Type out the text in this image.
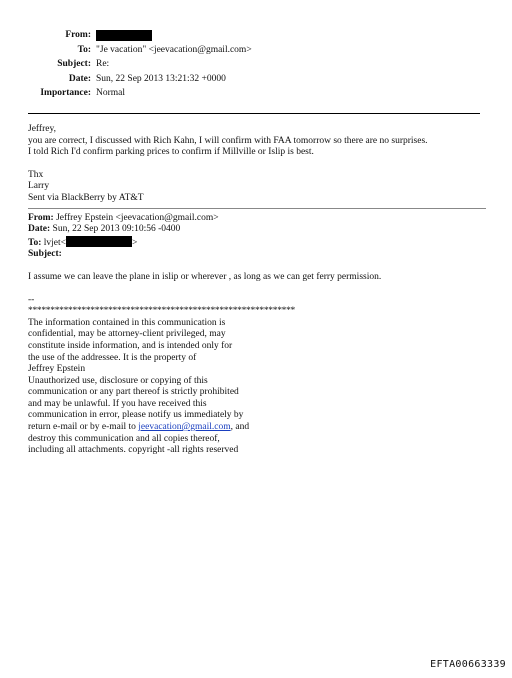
From:
To: "Je vacation" <jeevacation@gmail.com>
Subject: Re:
Date: Sun, 22 Sep 2013 13:21:32 +0000
Importance: Normal
Jeffrey,
you are correct, I discussed with Rich Kahn, I will confirm with FAA tomorrow so there are no surprises.
I told Rich I'd confirm parking prices to confirm if Millville or Islip is best.
Thx
Larry
Sent via BlackBerry by AT&T
From: Jeffrey Epstein <jeevacation@gmail.com>
Date: Sun, 22 Sep 2013 09:10:56 -0400
To: lvjet<	>
Subject:
I assume we can leave the plane in islip or wherever , as long as we can get ferry permission.
--
************************************************************
The information contained in this communication is
confidential, may be attorney-client privileged, may
constitute inside information, and is intended only for
the use of the addressee. It is the property of
Jeffrey Epstein
Unauthorized use, disclosure or copying of this
communication or any part thereof is strictly prohibited
and may be unlawful. If you have received this
communication in error, please notify us immediately by
return e-mail or by e-mail to jeevacation@gmail.com, and
destroy this communication and all copies thereof,
including all attachments. copyright -all rights reserved
EFTA00663339
